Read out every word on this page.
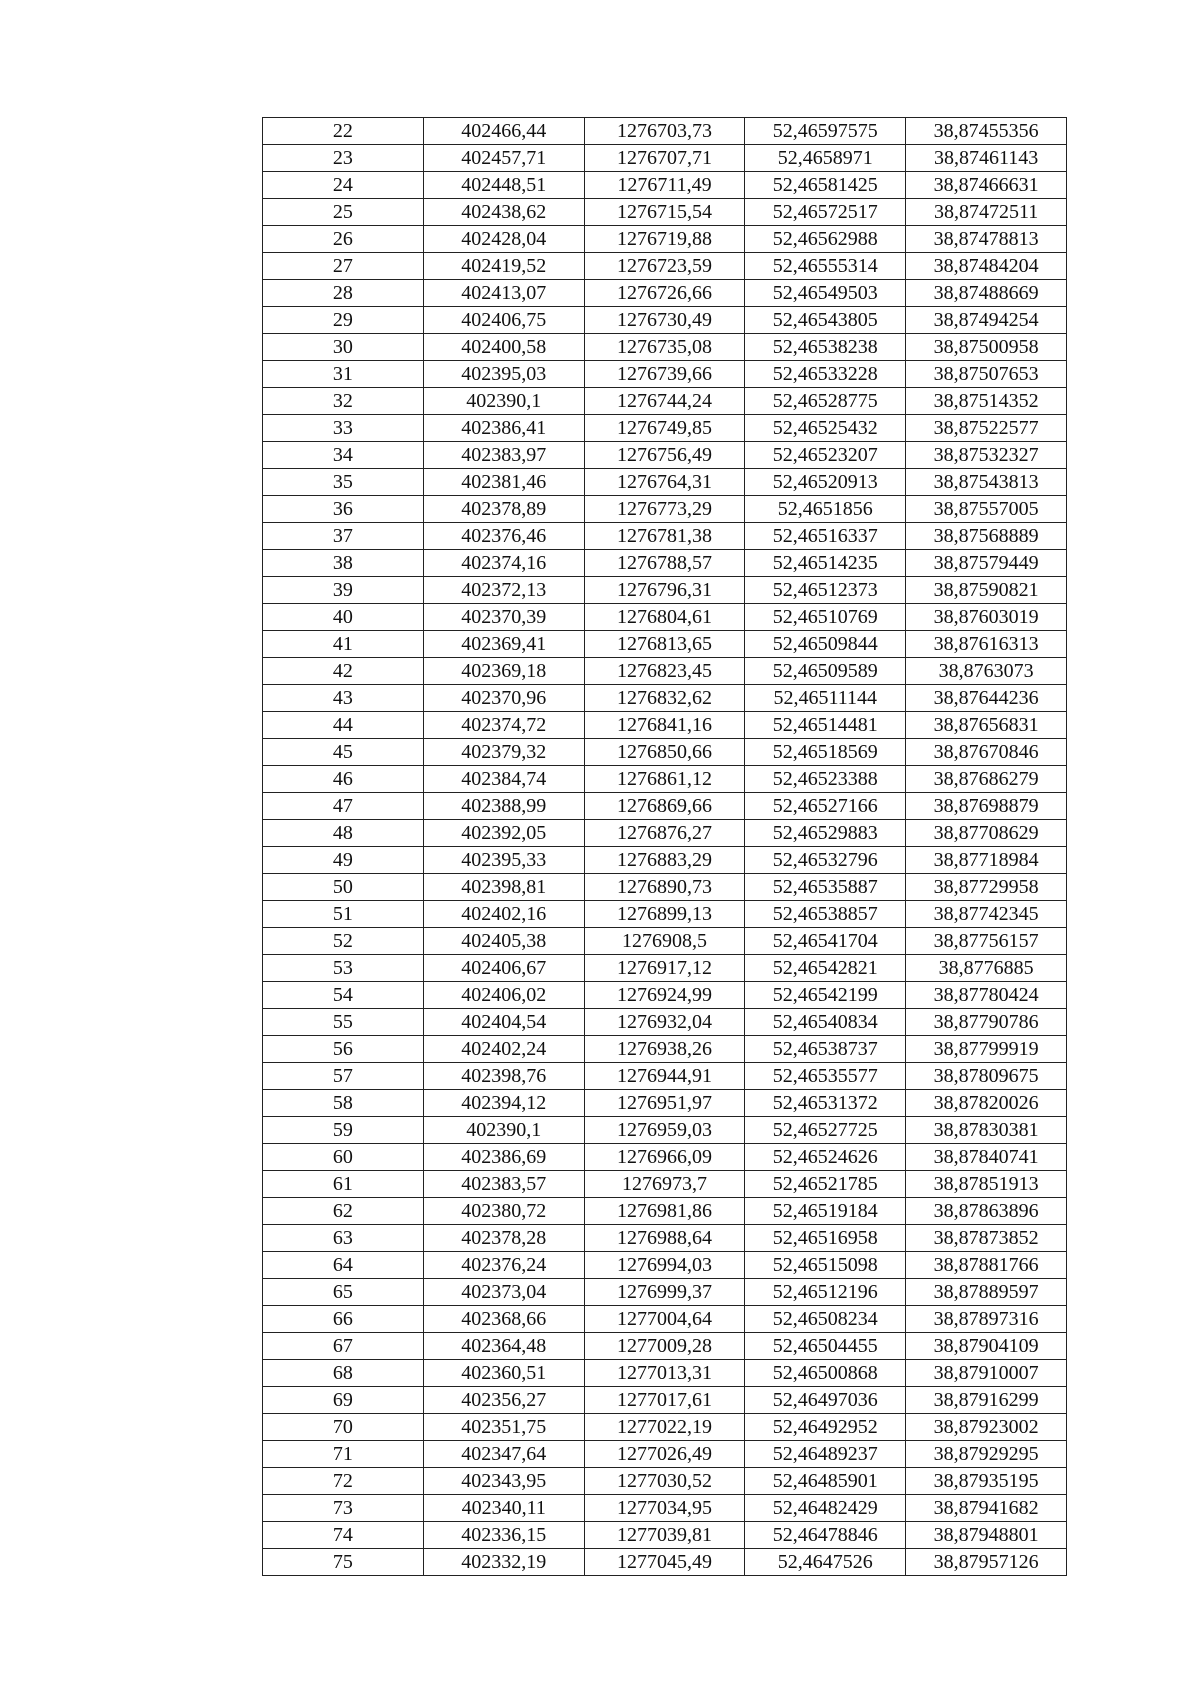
22	402466,44	1276703,73	52,46597575	38,87455356
23	402457,71	1276707,71	52,4658971	38,87461143
24	402448,51	1276711,49	52,46581425	38,87466631
25	402438,62	1276715,54	52,46572517	38,87472511
26	402428,04	1276719,88	52,46562988	38,87478813
27	402419,52	1276723,59	52,46555314	38,87484204
28	402413,07	1276726,66	52,46549503	38,87488669
29	402406,75	1276730,49	52,46543805	38,87494254
30	402400,58	1276735,08	52,46538238	38,87500958
31	402395,03	1276739,66	52,46533228	38,87507653
32	402390,1	1276744,24	52,46528775	38,87514352
33	402386,41	1276749,85	52,46525432	38,87522577
34	402383,97	1276756,49	52,46523207	38,87532327
35	402381,46	1276764,31	52,46520913	38,87543813
36	402378,89	1276773,29	52,4651856	38,87557005
37	402376,46	1276781,38	52,46516337	38,87568889
38	402374,16	1276788,57	52,46514235	38,87579449
39	402372,13	1276796,31	52,46512373	38,87590821
40	402370,39	1276804,61	52,46510769	38,87603019
41	402369,41	1276813,65	52,46509844	38,87616313
42	402369,18	1276823,45	52,46509589	38,8763073
43	402370,96	1276832,62	52,46511144	38,87644236
44	402374,72	1276841,16	52,46514481	38,87656831
45	402379,32	1276850,66	52,46518569	38,87670846
46	402384,74	1276861,12	52,46523388	38,87686279
47	402388,99	1276869,66	52,46527166	38,87698879
48	402392,05	1276876,27	52,46529883	38,87708629
49	402395,33	1276883,29	52,46532796	38,87718984
50	402398,81	1276890,73	52,46535887	38,87729958
51	402402,16	1276899,13	52,46538857	38,87742345
52	402405,38	1276908,5	52,46541704	38,87756157
53	402406,67	1276917,12	52,46542821	38,8776885
54	402406,02	1276924,99	52,46542199	38,87780424
55	402404,54	1276932,04	52,46540834	38,87790786
56	402402,24	1276938,26	52,46538737	38,87799919
57	402398,76	1276944,91	52,46535577	38,87809675
58	402394,12	1276951,97	52,46531372	38,87820026
59	402390,1	1276959,03	52,46527725	38,87830381
60	402386,69	1276966,09	52,46524626	38,87840741
61	402383,57	1276973,7	52,46521785	38,87851913
62	402380,72	1276981,86	52,46519184	38,87863896
63	402378,28	1276988,64	52,46516958	38,87873852
64	402376,24	1276994,03	52,46515098	38,87881766
65	402373,04	1276999,37	52,46512196	38,87889597
66	402368,66	1277004,64	52,46508234	38,87897316
67	402364,48	1277009,28	52,46504455	38,87904109
68	402360,51	1277013,31	52,46500868	38,87910007
69	402356,27	1277017,61	52,46497036	38,87916299
70	402351,75	1277022,19	52,46492952	38,87923002
71	402347,64	1277026,49	52,46489237	38,87929295
72	402343,95	1277030,52	52,46485901	38,87935195
73	402340,11	1277034,95	52,46482429	38,87941682
74	402336,15	1277039,81	52,46478846	38,87948801
75	402332,19	1277045,49	52,4647526	38,87957126
